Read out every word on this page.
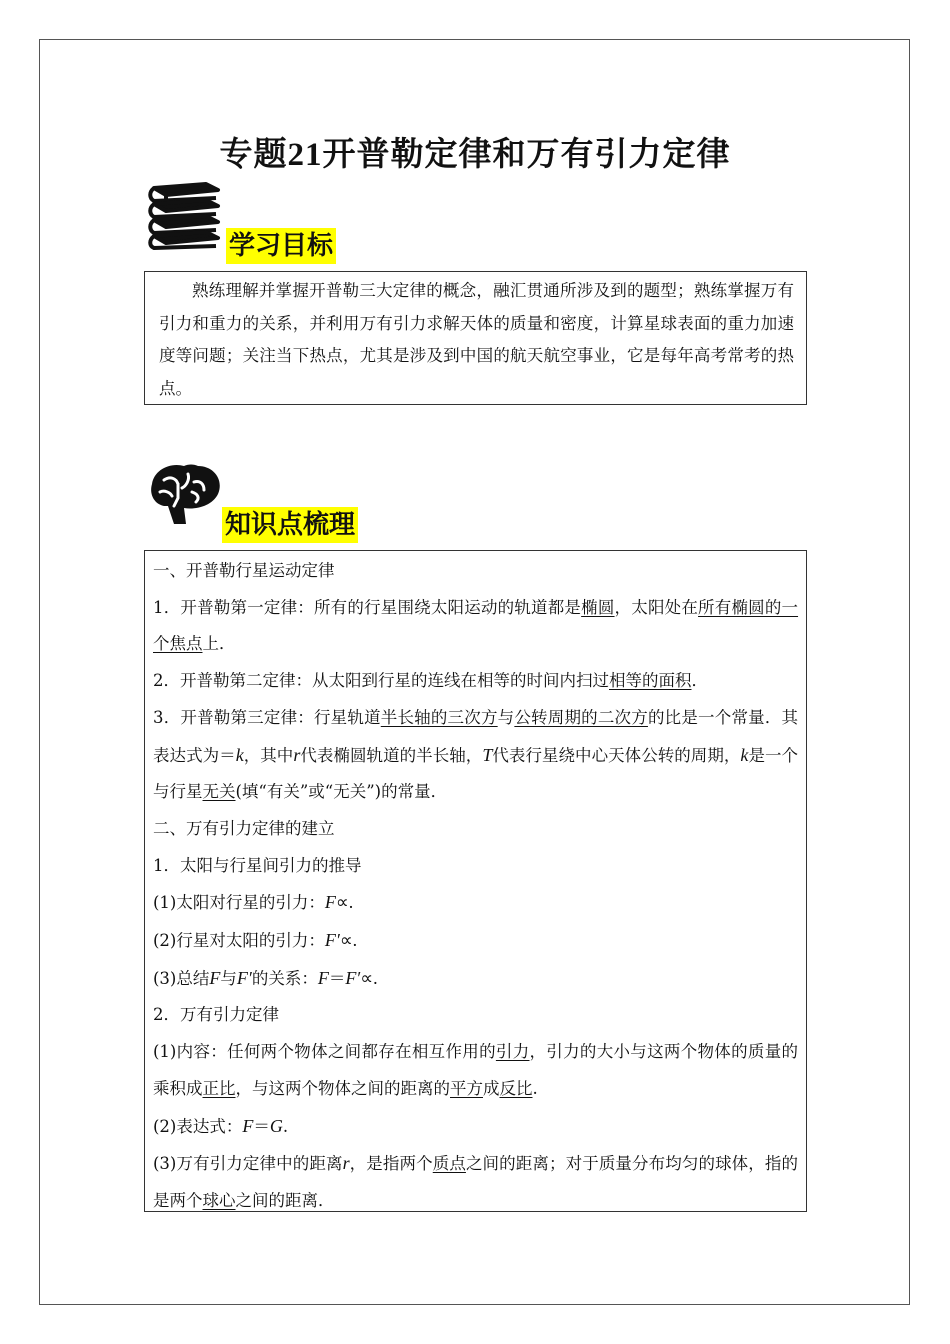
专题21开普勒定律和万有引力定律
学习目标
熟练理解并掌握开普勒三大定律的概念，融汇贯通所涉及到的题型；熟练掌握万有引力和重力的关系，并利用万有引力求解天体的质量和密度，计算星球表面的重力加速度等问题；关注当下热点，尤其是涉及到中国的航天航空事业，它是每年高考常考的热点。
知识点梳理

一、开普勒行星运动定律

1．开普勒第一定律：所有的行星围绕太阳运动的轨道都是椭圆，太阳处在所有椭圆的一个焦点上．

2．开普勒第二定律：从太阳到行星的连线在相等的时间内扫过相等的面积．

3．开普勒第三定律：行星轨道半长轴的三次方与公转周期的二次方的比是一个常量．其表达式为＝k，其中r代表椭圆轨道的半长轴，T代表行星绕中心天体公转的周期，k是一个与行星无关(填“有关”或“无关”)的常量．

二、万有引力定律的建立

1．太阳与行星间引力的推导

(1)太阳对行星的引力：F∝.

(2)行星对太阳的引力：F′∝.

(3)总结F与F′的关系：F＝F′∝.

2．万有引力定律

(1)内容：任何两个物体之间都存在相互作用的引力，引力的大小与这两个物体的质量的乘积成正比，与这两个物体之间的距离的平方成反比.

(2)表达式：F＝G.

(3)万有引力定律中的距离r，是指两个质点之间的距离；对于质量分布均匀的球体，指的是两个球心之间的距离．
